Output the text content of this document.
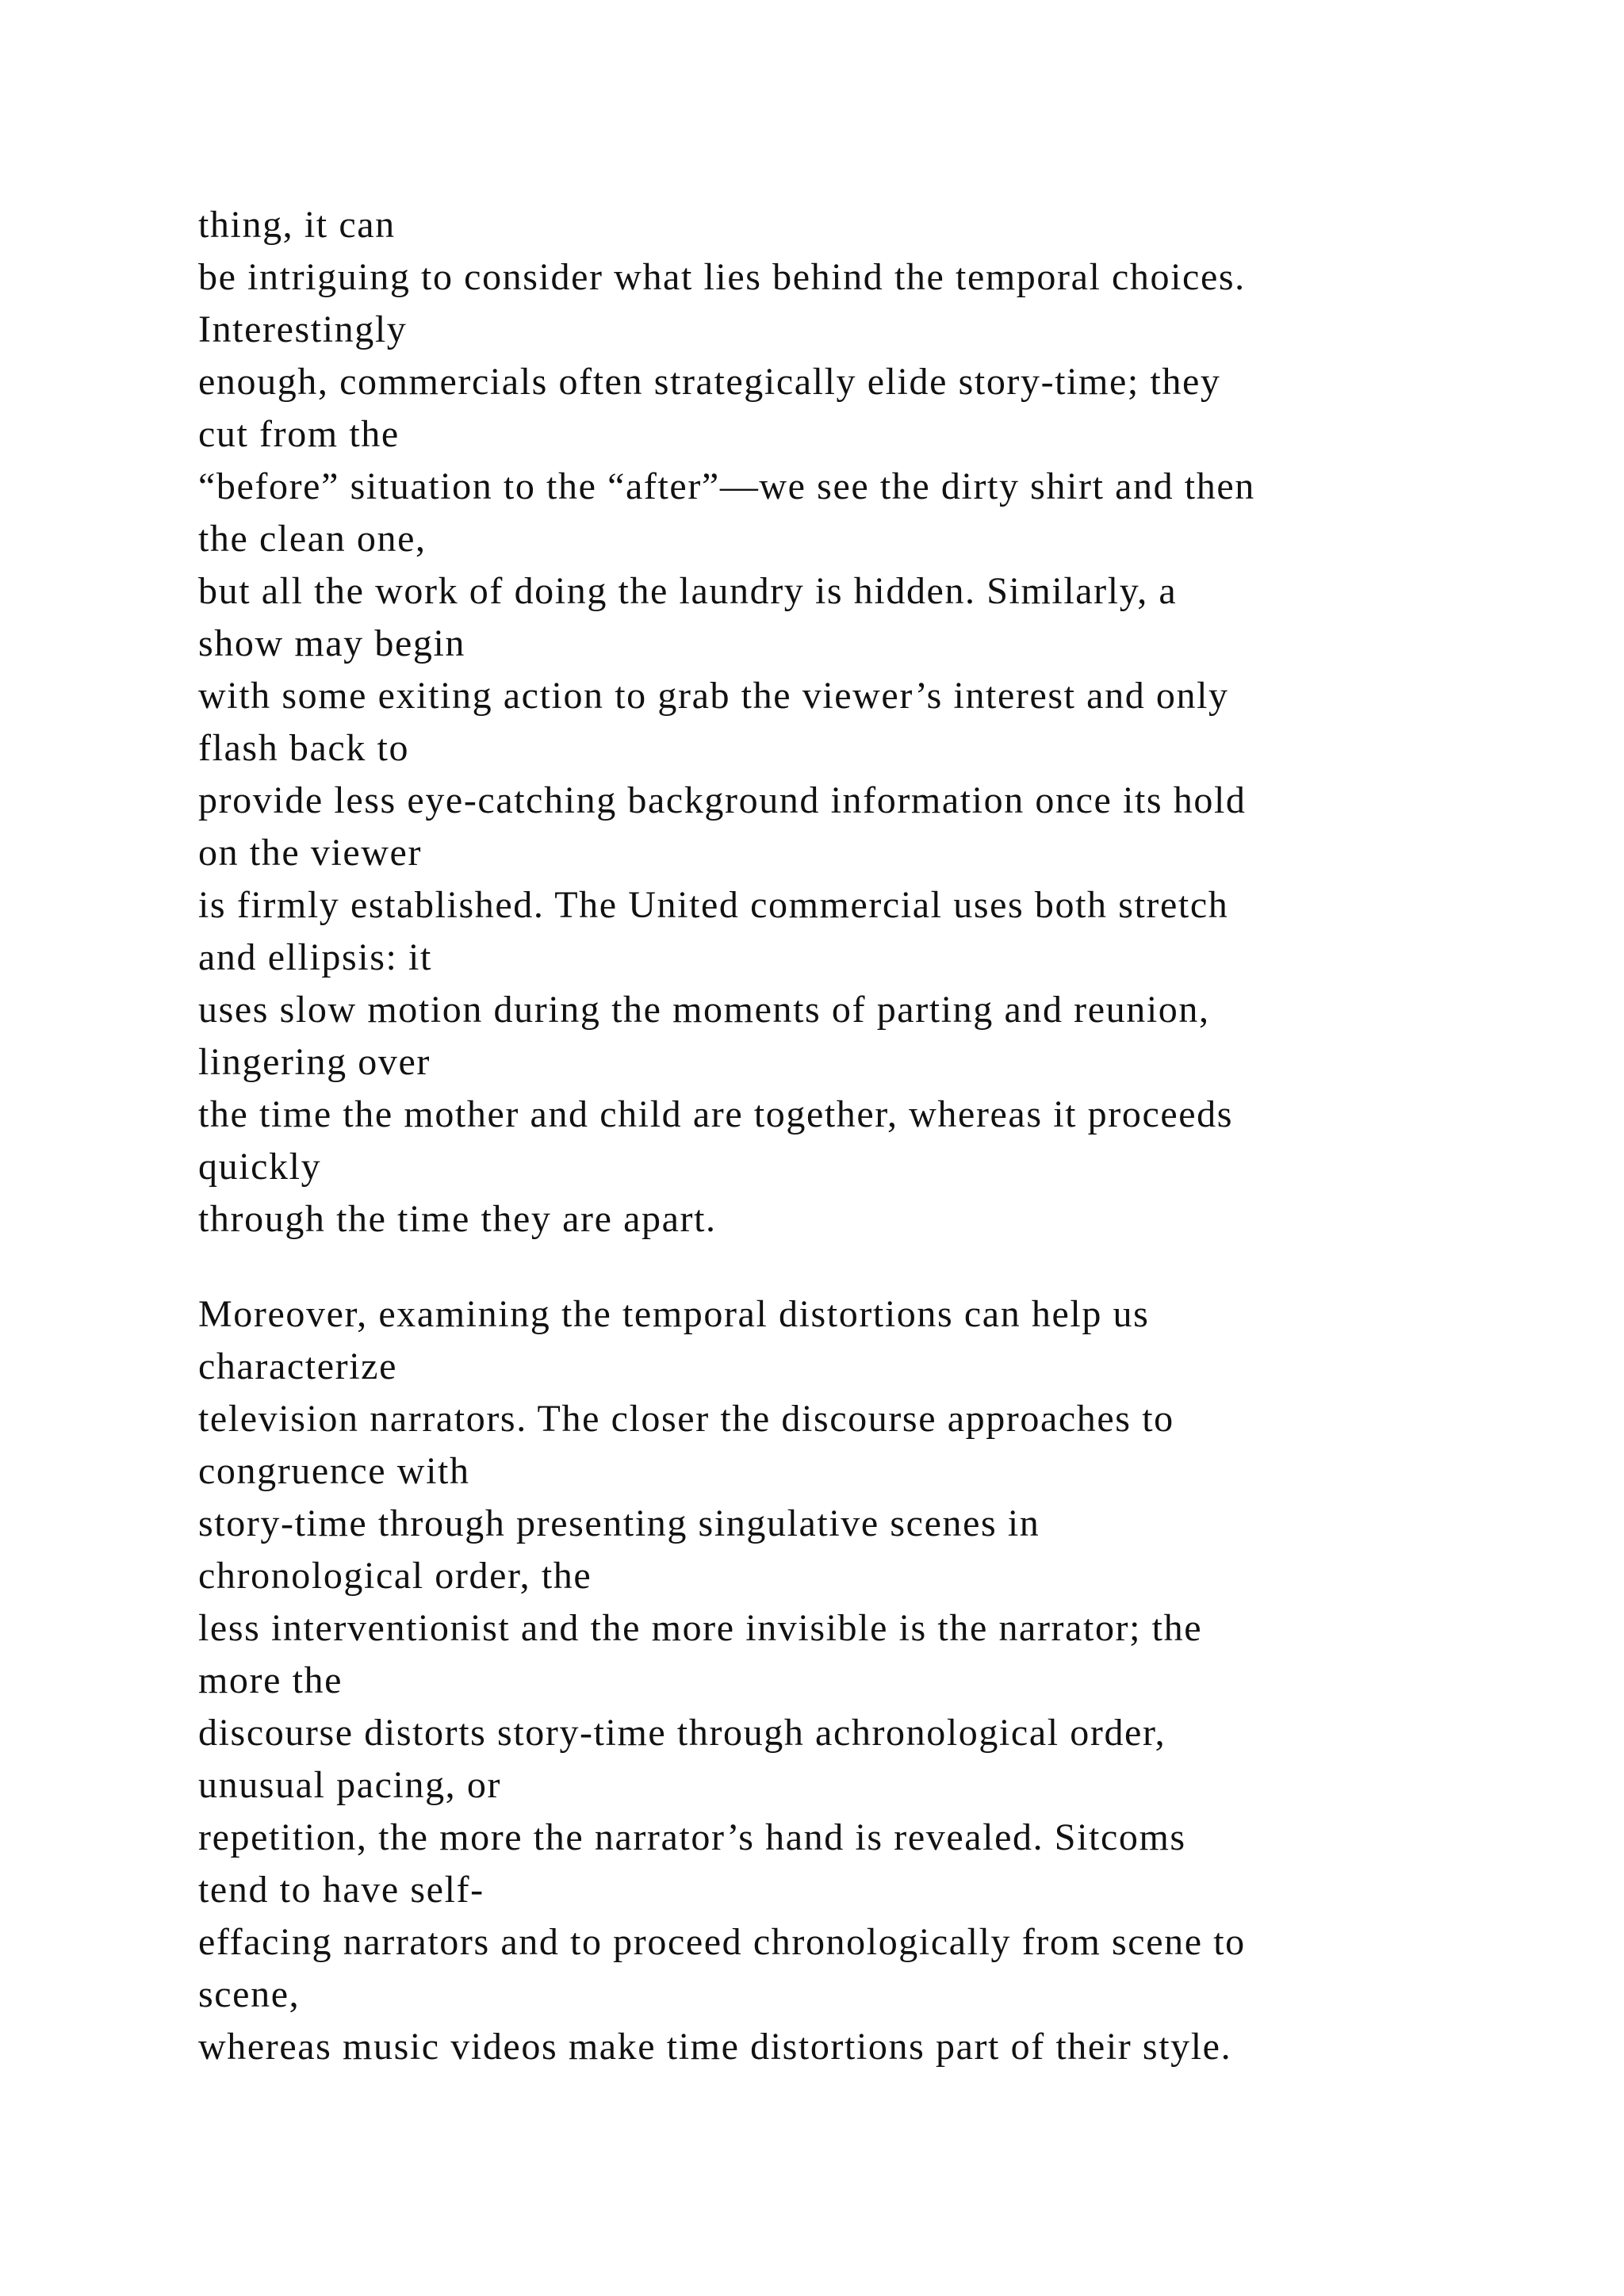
thing, it can
be intriguing to consider what lies behind the temporal choices.
Interestingly
enough, commercials often strategically elide story-time; they
cut from the
“before” situation to the “after”—we see the dirty shirt and then
the clean one,
but all the work of doing the laundry is hidden. Similarly, a
show may begin
with some exiting action to grab the viewer’s interest and only
flash back to
provide less eye-catching background information once its hold
on the viewer
is firmly established. The United commercial uses both stretch
and ellipsis: it
uses slow motion during the moments of parting and reunion,
lingering over
the time the mother and child are together, whereas it proceeds
quickly
through the time they are apart.
Moreover, examining the temporal distortions can help us
characterize
television narrators. The closer the discourse approaches to
congruence with
story-time through presenting singulative scenes in
chronological order, the
less interventionist and the more invisible is the narrator; the
more the
discourse distorts story-time through achronological order,
unusual pacing, or
repetition, the more the narrator’s hand is revealed. Sitcoms
tend to have self-
effacing narrators and to proceed chronologically from scene to
scene,
whereas music videos make time distortions part of their style.
